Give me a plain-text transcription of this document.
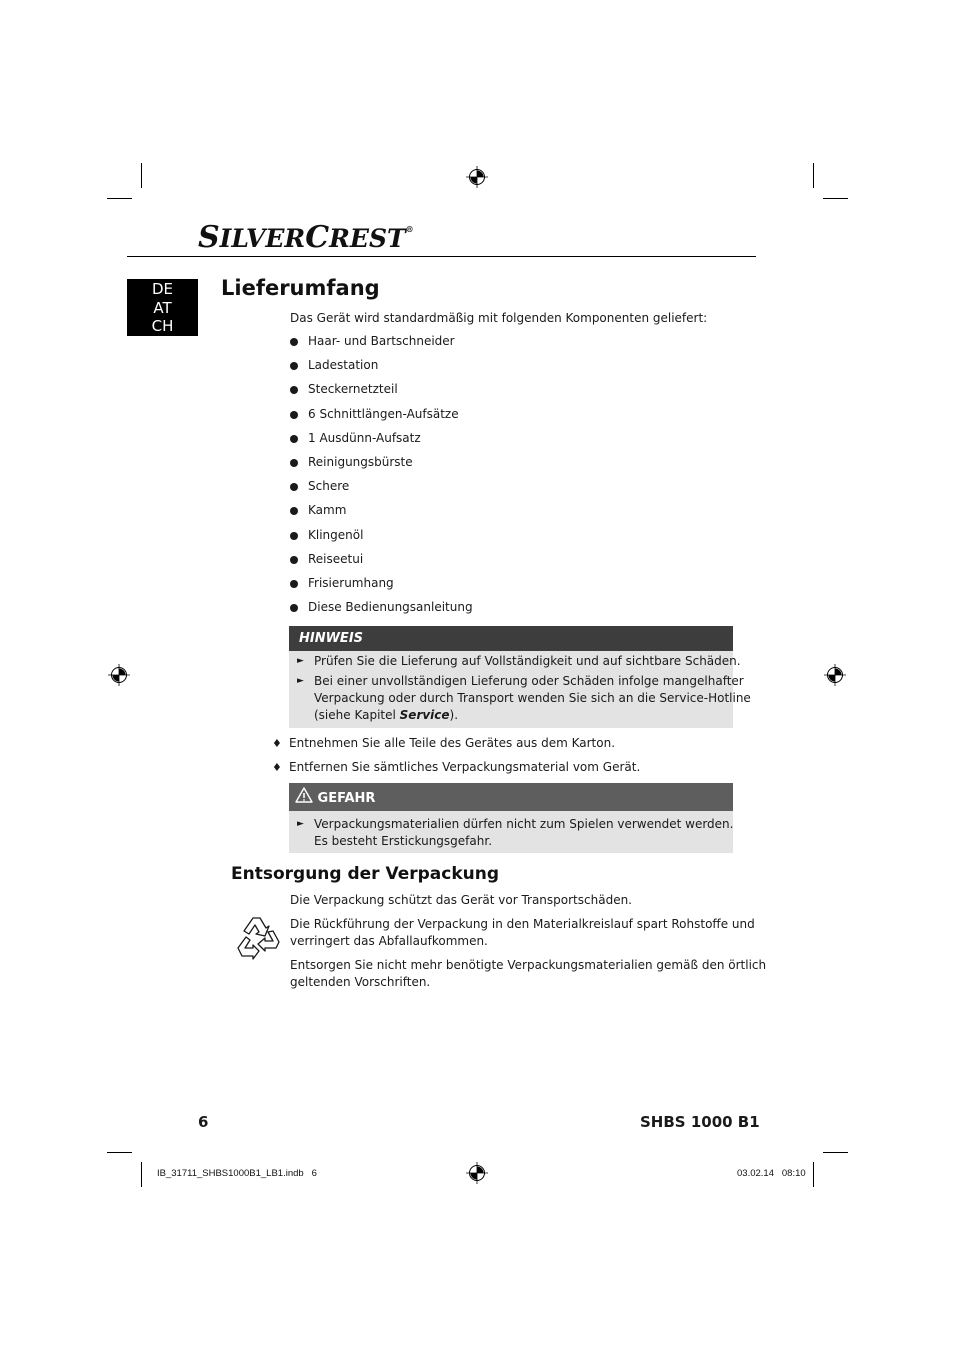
SILVERCREST®
DE
AT
CH
Lieferumfang
Das Gerät wird standardmäßig mit folgenden Komponenten geliefert:
Haar- und Bartschneider
Ladestation
Steckernetzteil
6 Schnittlängen-Aufsätze
1 Ausdünn-Aufsatz
Reinigungsbürste
Schere
Kamm
Klingenöl
Reiseetui
Frisierumhang
Diese Bedienungsanleitung
HINWEIS
► Prüfen Sie die Lieferung auf Vollständigkeit und auf sichtbare Schäden.
► Bei einer unvollständigen Lieferung oder Schäden infolge mangelhafter
Verpackung oder durch Transport wenden Sie sich an die Service-Hotline
(siehe Kapitel Service).
♦ Entnehmen Sie alle Teile des Gerätes aus dem Karton.
♦ Entfernen Sie sämtliches Verpackungsmaterial vom Gerät.
GEFAHR
► Verpackungsmaterialien dürfen nicht zum Spielen verwendet werden.
Es besteht Erstickungsgefahr.
Entsorgung der Verpackung
Die Verpackung schützt das Gerät vor Transportschäden.
Die Rückführung der Verpackung in den Materialkreislauf spart Rohstoffe und
verringert das Abfallaufkommen.
Entsorgen Sie nicht mehr benötigte Verpackungsmaterialien gemäß den örtlich
geltenden Vorschriften.
6	SHBS 1000 B1
IB_31711_SHBS1000B1_LB1.indb   6	03.02.14   08:10
